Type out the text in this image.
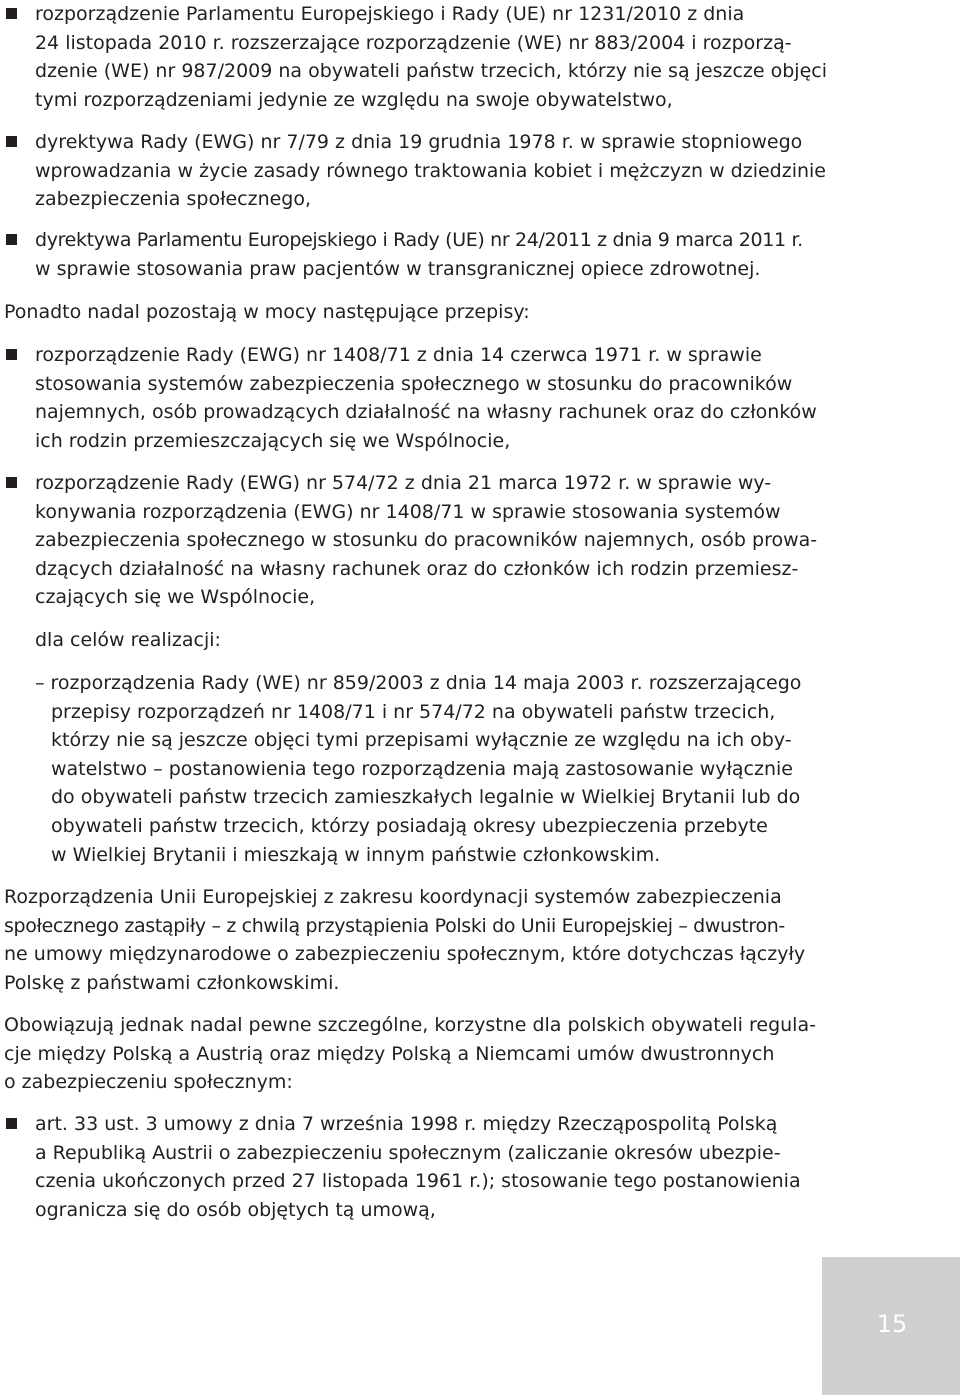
rozporządzenie Parlamentu Europejskiego i Rady (UE) nr 1231/2010 z dnia
24 listopada 2010 r. rozszerzające rozporządzenie (WE) nr 883/2004 i rozporzą-
dzenie (WE) nr 987/2009 na obywateli państw trzecich, którzy nie są jeszcze objęci
tymi rozporządzeniami jedynie ze względu na swoje obywatelstwo,
dyrektywa Rady (EWG) nr 7/79 z dnia 19 grudnia 1978 r. w sprawie stopniowego
wprowadzania w życie zasady równego traktowania kobiet i mężczyzn w dziedzinie
zabezpieczenia społecznego,
dyrektywa Parlamentu Europejskiego i Rady (UE) nr 24/2011 z dnia 9 marca 2011 r.
w sprawie stosowania praw pacjentów w transgranicznej opiece zdrowotnej.
Ponadto nadal pozostają w mocy następujące przepisy:
rozporządzenie Rady (EWG) nr 1408/71 z dnia 14 czerwca 1971 r. w sprawie
stosowania systemów zabezpieczenia społecznego w stosunku do pracowników
najemnych, osób prowadzących działalność na własny rachunek oraz do członków
ich rodzin przemieszczających się we Wspólnocie,
rozporządzenie Rady (EWG) nr 574/72 z dnia 21 marca 1972 r. w sprawie wy-
konywania rozporządzenia (EWG) nr 1408/71 w sprawie stosowania systemów
zabezpieczenia społecznego w stosunku do pracowników najemnych, osób prowa-
dzących działalność na własny rachunek oraz do członków ich rodzin przemiesz-
czających się we Wspólnocie,
dla celów realizacji:
– rozporządzenia Rady (WE) nr 859/2003 z dnia 14 maja 2003 r. rozszerzającego
przepisy rozporządzeń nr 1408/71 i nr 574/72 na obywateli państw trzecich,
którzy nie są jeszcze objęci tymi przepisami wyłącznie ze względu na ich oby-
watelstwo – postanowienia tego rozporządzenia mają zastosowanie wyłącznie
do obywateli państw trzecich zamieszkałych legalnie w Wielkiej Brytanii lub do
obywateli państw trzecich, którzy posiadają okresy ubezpieczenia przebyte
w Wielkiej Brytanii i mieszkają w innym państwie członkowskim.
Rozporządzenia Unii Europejskiej z zakresu koordynacji systemów zabezpieczenia
społecznego zastąpiły – z chwilą przystąpienia Polski do Unii Europejskiej – dwustron-
ne umowy międzynarodowe o zabezpieczeniu społecznym, które dotychczas łączyły
Polskę z państwami członkowskimi.
Obowiązują jednak nadal pewne szczególne, korzystne dla polskich obywateli regula-
cje między Polską a Austrią oraz między Polską a Niemcami umów dwustronnych
o zabezpieczeniu społecznym:
art. 33 ust. 3 umowy z dnia 7 września 1998 r. między Rzecząpospolitą Polską
a Republiką Austrii o zabezpieczeniu społecznym (zaliczanie okresów ubezpie-
czenia ukończonych przed 27 listopada 1961 r.); stosowanie tego postanowienia
ogranicza się do osób objętych tą umową,
15
